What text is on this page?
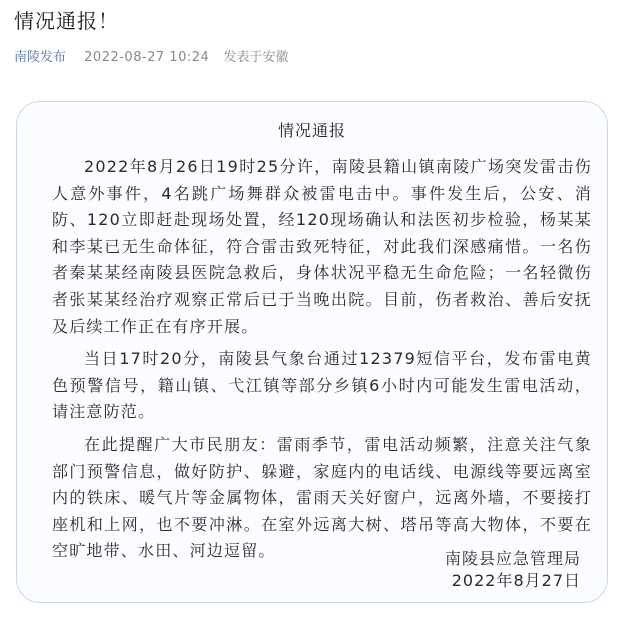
情况通报！
南陵发布 2022-08-27 10:24 发表于安徽
情况通报

2022年8月26日19时25分许，南陵县籍山镇南陵广场突发雷击伤人意外事件，4名跳广场舞群众被雷电击中。事件发生后，公安、消防、120立即赶赴现场处置，经120现场确认和法医初步检验，杨某某和李某已无生命体征，符合雷击致死特征，对此我们深感痛惜。一名伤者秦某某经南陵县医院急救后，身体状况平稳无生命危险；一名轻微伤者张某某经治疗观察正常后已于当晚出院。目前，伤者救治、善后安抚及后续工作正在有序开展。

当日17时20分，南陵县气象台通过12379短信平台，发布雷电黄色预警信号，籍山镇、弋江镇等部分乡镇6小时内可能发生雷电活动，请注意防范。

在此提醒广大市民朋友：雷雨季节，雷电活动频繁，注意关注气象部门预警信息，做好防护、躲避，家庭内的电话线、电源线等要远离室内的铁床、暖气片等金属物体，雷雨天关好窗户，远离外墙，不要接打座机和上网，也不要冲淋。在室外远离大树、塔吊等高大物体，不要在空旷地带、水田、河边逗留。	南陵县应急管理局
2022年8月27日
